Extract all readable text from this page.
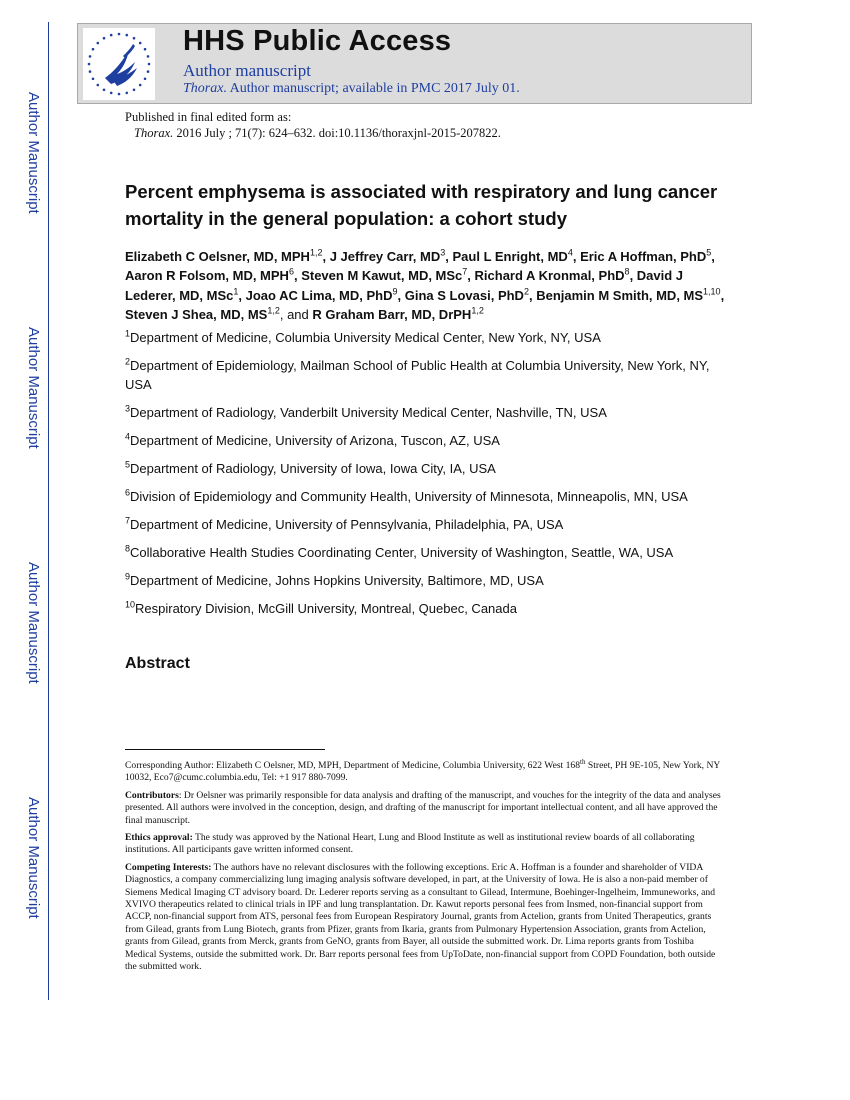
Author Manuscript
Author Manuscript
Author Manuscript
Author Manuscript
HHS Public Access
Author manuscript
Thorax. Author manuscript; available in PMC 2017 July 01.
Published in final edited form as:
Thorax. 2016 July ; 71(7): 624–632. doi:10.1136/thoraxjnl-2015-207822.
Percent emphysema is associated with respiratory and lung cancer mortality in the general population: a cohort study
Elizabeth C Oelsner, MD, MPH$^{1,2}$, J Jeffrey Carr, $MD^3$, Paul L Enright, $MD^4$, Eric A Hoffman, PhD$^5$, Aaron R Folsom, MD, MPH$^6$, Steven M Kawut, MD, MSc$^7$, Richard A Kronmal, PhD$^8$, David J Lederer, MD, MSc$^1$, Joao AC Lima, MD, PhD$^9$, Gina S Lovasi, PhD$^2$, Benjamin M Smith, MD, MS$^{1,10}$, Steven J Shea, MD, MS$^{1,2}$, and R Graham Barr, MD, DrPH$^{1,2}$
$^1$Department of Medicine, Columbia University Medical Center, New York, NY, USA
$^2$Department of Epidemiology, Mailman School of Public Health at Columbia University, New York, NY, USA
$^3$Department of Radiology, Vanderbilt University Medical Center, Nashville, TN, USA
$^4$Department of Medicine, University of Arizona, Tuscon, AZ, USA
$^5$Department of Radiology, University of Iowa, Iowa City, IA, USA
$^6$Division of Epidemiology and Community Health, University of Minnesota, Minneapolis, MN, USA
$^7$Department of Medicine, University of Pennsylvania, Philadelphia, PA, USA
$^8$Collaborative Health Studies Coordinating Center, University of Washington, Seattle, WA, USA
$^9$Department of Medicine, Johns Hopkins University, Baltimore, MD, USA
$^{10}$Respiratory Division, McGill University, Montreal, Quebec, Canada
Abstract
Corresponding Author: Elizabeth C Oelsner, MD, MPH, Department of Medicine, Columbia University, 622 West 168th Street, PH 9E-105, New York, NY 10032, Eco7@cumc.columbia.edu, Tel: +1 917 880-7099.
Contributors: Dr Oelsner was primarily responsible for data analysis and drafting of the manuscript, and vouches for the integrity of the data and analyses presented. All authors were involved in the conception, design, and drafting of the manuscript for important intellectual content, and all have approved the final manuscript.
Ethics approval: The study was approved by the National Heart, Lung and Blood Institute as well as institutional review boards of all collaborating institutions. All participants gave written informed consent.
Competing Interests: The authors have no relevant disclosures with the following exceptions. Eric A. Hoffman is a founder and shareholder of VIDA Diagnostics, a company commercializing lung imaging analysis software developed, in part, at the University of Iowa. He is also a non-paid member of Siemens Medical Imaging CT advisory board. Dr. Lederer reports serving as a consultant to Gilead, Intermune, Boehinger-Ingelheim, Immuneworks, and XVIVO therapeutics related to clinical trials in IPF and lung transplantation. Dr. Kawut reports personal fees from Insmed, non-financial support from ACCP, non-financial support from ATS, personal fees from European Respiratory Journal, grants from Actelion, grants from United Therapeutics, grants from Gilead, grants from Lung Biotech, grants from Pfizer, grants from Ikaria, grants from Pulmonary Hypertension Association, grants from Actelion, grants from Gilead, grants from Merck, grants from GeNO, grants from Bayer, all outside the submitted work. Dr. Lima reports grants from Toshiba Medical Systems, outside the submitted work. Dr. Barr reports personal fees from UpToDate, non-financial support from COPD Foundation, both outside the submitted work.
